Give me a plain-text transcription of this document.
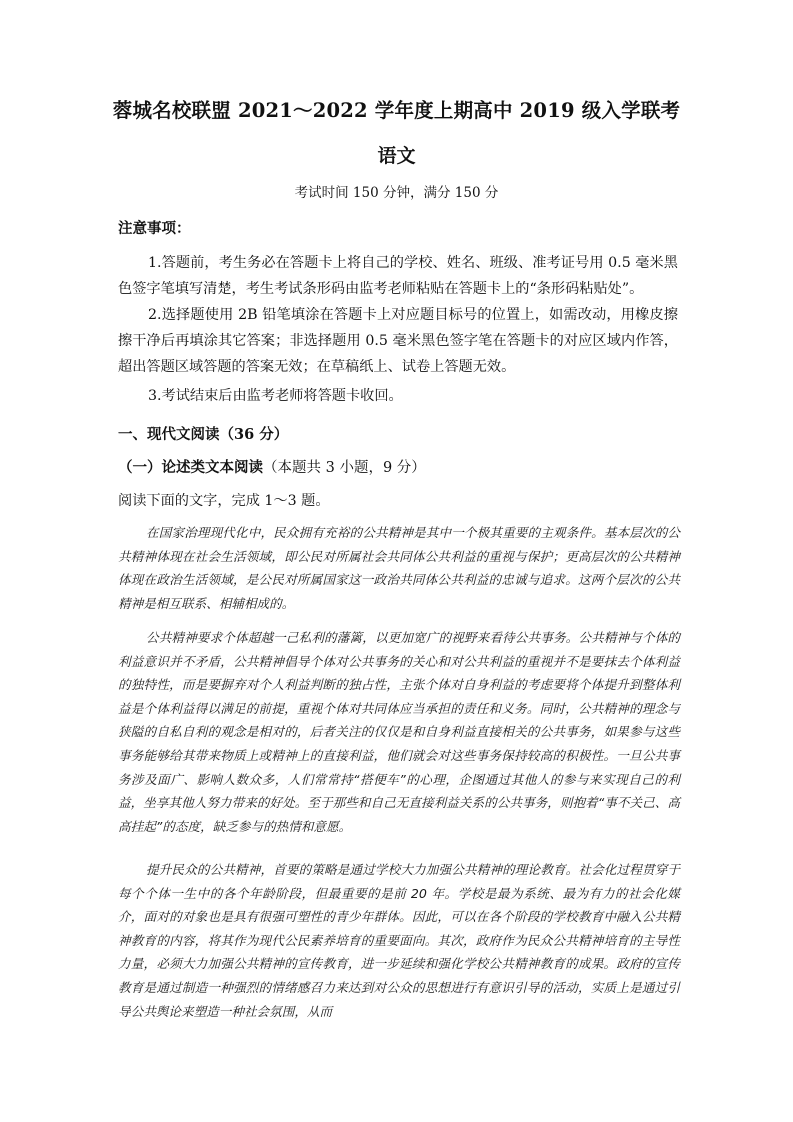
蓉城名校联盟 2021～2022 学年度上期高中 2019 级入学联考
语文
考试时间 150 分钟，满分 150 分
注意事项：
1.答题前，考生务必在答题卡上将自己的学校、姓名、班级、准考证号用 0.5 毫米黑色签字笔填写清楚，考生考试条形码由监考老师粘贴在答题卡上的“条形码粘贴处”。
2.选择题使用 2B 铅笔填涂在答题卡上对应题目标号的位置上，如需改动，用橡皮擦擦干净后再填涂其它答案；非选择题用 0.5 毫米黑色签字笔在答题卡的对应区域内作答，超出答题区域答题的答案无效；在草稿纸上、试卷上答题无效。
3.考试结束后由监考老师将答题卡收回。
一、现代文阅读（36 分）
（一）论述类文本阅读（本题共 3 小题，9 分）
阅读下面的文字，完成 1～3 题。
在国家治理现代化中，民众拥有充裕的公共精神是其中一个极其重要的主观条件。基本层次的公共精神体现在社会生活领域，即公民对所属社会共同体公共利益的重视与保护；更高层次的公共精神体现在政治生活领域，是公民对所属国家这一政治共同体公共利益的忠诚与追求。这两个层次的公共精神是相互联系、相辅相成的。
公共精神要求个体超越一己私利的藩篱，以更加宽广的视野来看待公共事务。公共精神与个体的利益意识并不矛盾，公共精神倡导个体对公共事务的关心和对公共利益的重视并不是要抹去个体利益的独特性，而是要摒弃对个人利益判断的独占性，主张个体对自身利益的考虑要将个体提升到整体利益是个体利益得以满足的前提，重视个体对共同体应当承担的责任和义务。同时，公共精神的理念与狭隘的自私自利的观念是相对的，后者关注的仅仅是和自身利益直接相关的公共事务，如果参与这些事务能够给其带来物质上或精神上的直接利益，他们就会对这些事务保持较高的积极性。一旦公共事务涉及面广、影响人数众多，人们常常持“搭便车”的心理，企图通过其他人的参与来实现自己的利益，坐享其他人努力带来的好处。至于那些和自己无直接利益关系的公共事务，则抱着“事不关己、高高挂起”的态度，缺乏参与的热情和意愿。
提升民众的公共精神，首要的策略是通过学校大力加强公共精神的理论教育。社会化过程贯穿于每个个体一生中的各个年龄阶段，但最重要的是前 20 年。学校是最为系统、最为有力的社会化媒介，面对的对象也是具有很强可塑性的青少年群体。因此，可以在各个阶段的学校教育中融入公共精神教育的内容，将其作为现代公民素养培育的重要面向。其次，政府作为民众公共精神培育的主导性力量，必须大力加强公共精神的宣传教育，进一步延续和强化学校公共精神教育的成果。政府的宣传教育是通过制造一种强烈的情绪感召力来达到对公众的思想进行有意识引导的活动，实质上是通过引导公共舆论来塑造一种社会氛围，从而
